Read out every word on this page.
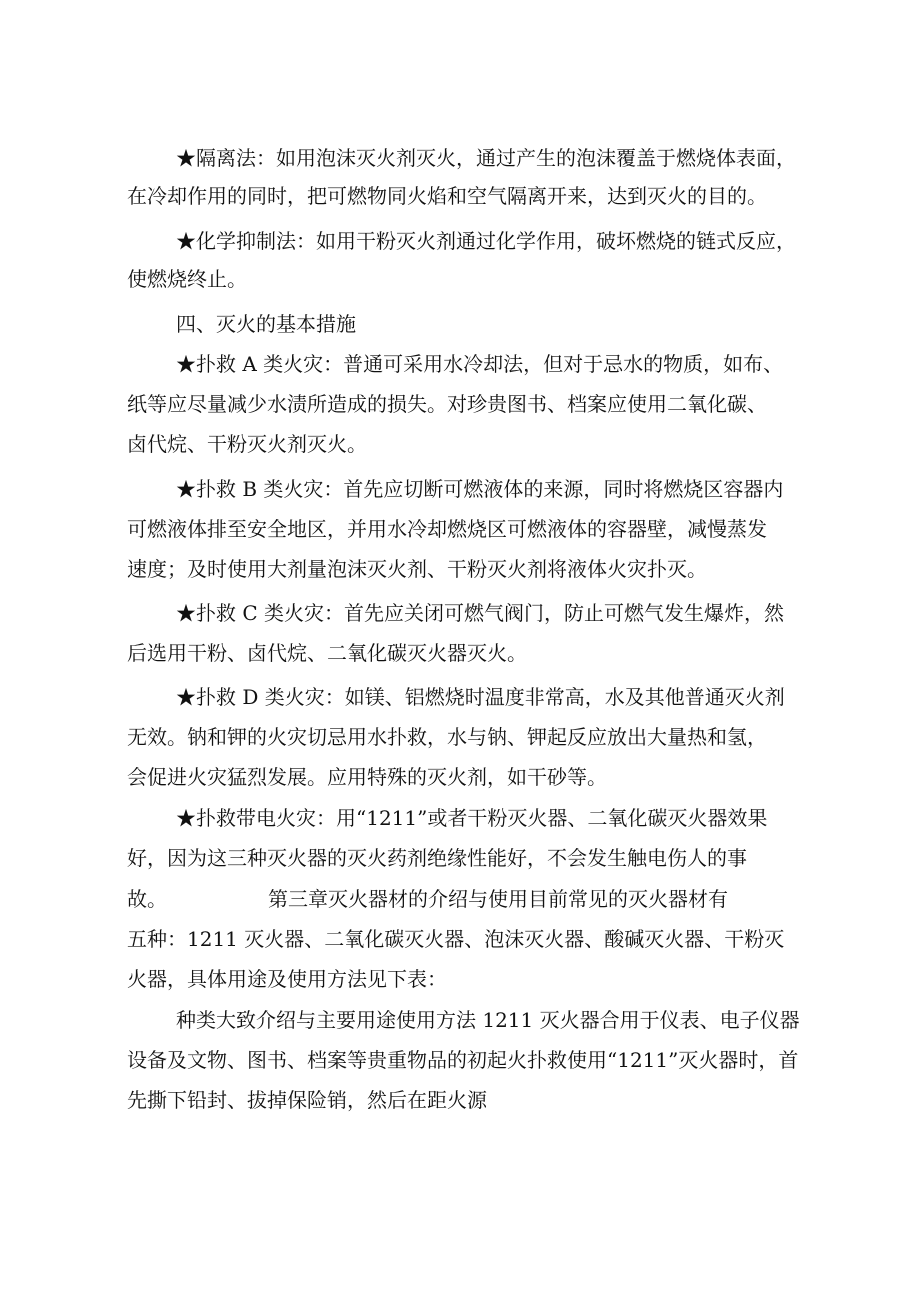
★隔离法：如用泡沫灭火剂灭火，通过产生的泡沫覆盖于燃烧体表面，

在冷却作用的同时，把可燃物同火焰和空气隔离开来，达到灭火的目的。

★化学抑制法：如用干粉灭火剂通过化学作用，破坏燃烧的链式反应，

使燃烧终止。

四、灭火的基本措施

★扑救 A 类火灾：普通可采用水冷却法，但对于忌水的物质，如布、

纸等应尽量减少水渍所造成的损失。对珍贵图书、档案应使用二氧化碳、

卤代烷、干粉灭火剂灭火。

★扑救 B 类火灾：首先应切断可燃液体的来源，同时将燃烧区容器内

可燃液体排至安全地区，并用水冷却燃烧区可燃液体的容器壁，减慢蒸发

速度；及时使用大剂量泡沫灭火剂、干粉灭火剂将液体火灾扑灭。

★扑救 C 类火灾：首先应关闭可燃气阀门，防止可燃气发生爆炸，然

后选用干粉、卤代烷、二氧化碳灭火器灭火。

★扑救 D 类火灾：如镁、铝燃烧时温度非常高，水及其他普通灭火剂

无效。钠和钾的火灾切忌用水扑救，水与钠、钾起反应放出大量热和氢，

会促进火灾猛烈发展。应用特殊的灭火剂，如干砂等。

★扑救带电火灾：用“1211”或者干粉灭火器、二氧化碳灭火器效果

好，因为这三种灭火器的灭火药剂绝缘性能好，不会发生触电伤人的事

故。	第三章灭火器材的介绍与使用目前常见的灭火器材有

五种：1211 灭火器、二氧化碳灭火器、泡沫灭火器、酸碱灭火器、干粉灭

火器，具体用途及使用方法见下表：

种类大致介绍与主要用途使用方法 1211 灭火器合用于仪表、电子仪器

设备及文物、图书、档案等贵重物品的初起火扑救使用“1211”灭火器时，首

先撕下铅封、拔掉保险销，然后在距火源
